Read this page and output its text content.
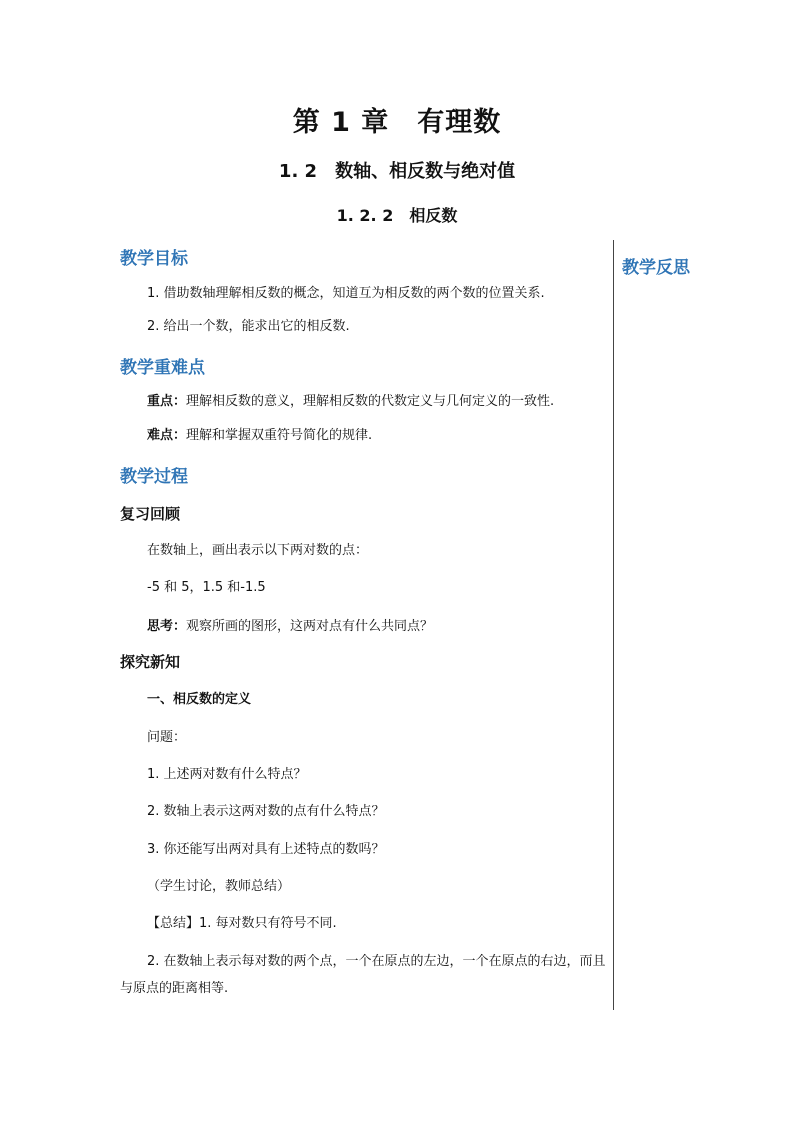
第 1 章　有理数
1. 2　数轴、相反数与绝对值
1. 2. 2　相反数
教学反思
教学目标
1. 借助数轴理解相反数的概念，知道互为相反数的两个数的位置关系.
2. 给出一个数，能求出它的相反数.
教学重难点
重点：理解相反数的意义，理解相反数的代数定义与几何定义的一致性.
难点：理解和掌握双重符号简化的规律.
教学过程
复习回顾
在数轴上，画出表示以下两对数的点：
-5 和 5，1.5 和-1.5
思考：观察所画的图形，这两对点有什么共同点？
探究新知
一、相反数的定义
问题：
1. 上述两对数有什么特点？
2. 数轴上表示这两对数的点有什么特点？
3. 你还能写出两对具有上述特点的数吗？
（学生讨论，教师总结）
【总结】1. 每对数只有符号不同.
2. 在数轴上表示每对数的两个点，一个在原点的左边，一个在原点的右边，而且与原点的距离相等.
